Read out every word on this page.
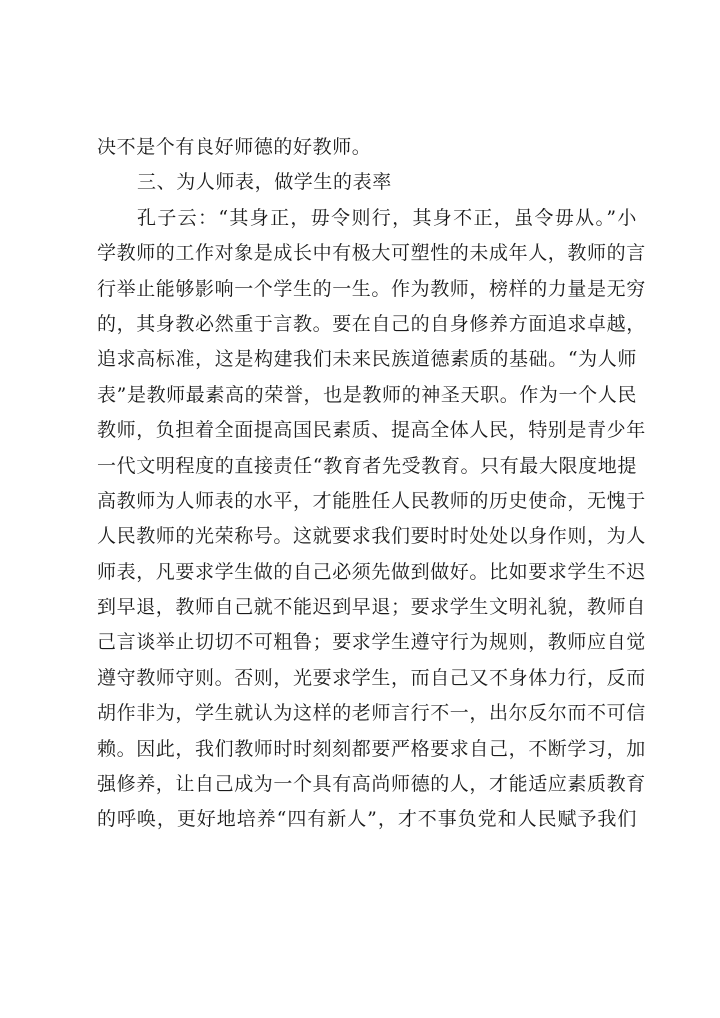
决不是个有良好师德的好教师。
三、为人师表，做学生的表率
孔子云：“其身正，毋令则行，其身不正，虽令毋从。”小
学教师的工作对象是成长中有极大可塑性的未成年人，教师的言
行举止能够影响一个学生的一生。作为教师，榜样的力量是无穷
的，其身教必然重于言教。要在自己的自身修养方面追求卓越，
追求高标准，这是构建我们未来民族道德素质的基础。“为人师
表”是教师最素高的荣誉，也是教师的神圣天职。作为一个人民
教师，负担着全面提高国民素质、提高全体人民，特别是青少年
一代文明程度的直接责任“教育者先受教育。只有最大限度地提
高教师为人师表的水平，才能胜任人民教师的历史使命，无愧于
人民教师的光荣称号。这就要求我们要时时处处以身作则，为人
师表，凡要求学生做的自己必须先做到做好。比如要求学生不迟
到早退，教师自己就不能迟到早退；要求学生文明礼貌，教师自
己言谈举止切切不可粗鲁；要求学生遵守行为规则，教师应自觉
遵守教师守则。否则，光要求学生，而自己又不身体力行，反而
胡作非为，学生就认为这样的老师言行不一，出尔反尔而不可信
赖。因此，我们教师时时刻刻都要严格要求自己，不断学习，加
强修养，让自己成为一个具有高尚师德的人，才能适应素质教育
的呼唤，更好地培养“四有新人”，才不事负党和人民赋予我们
